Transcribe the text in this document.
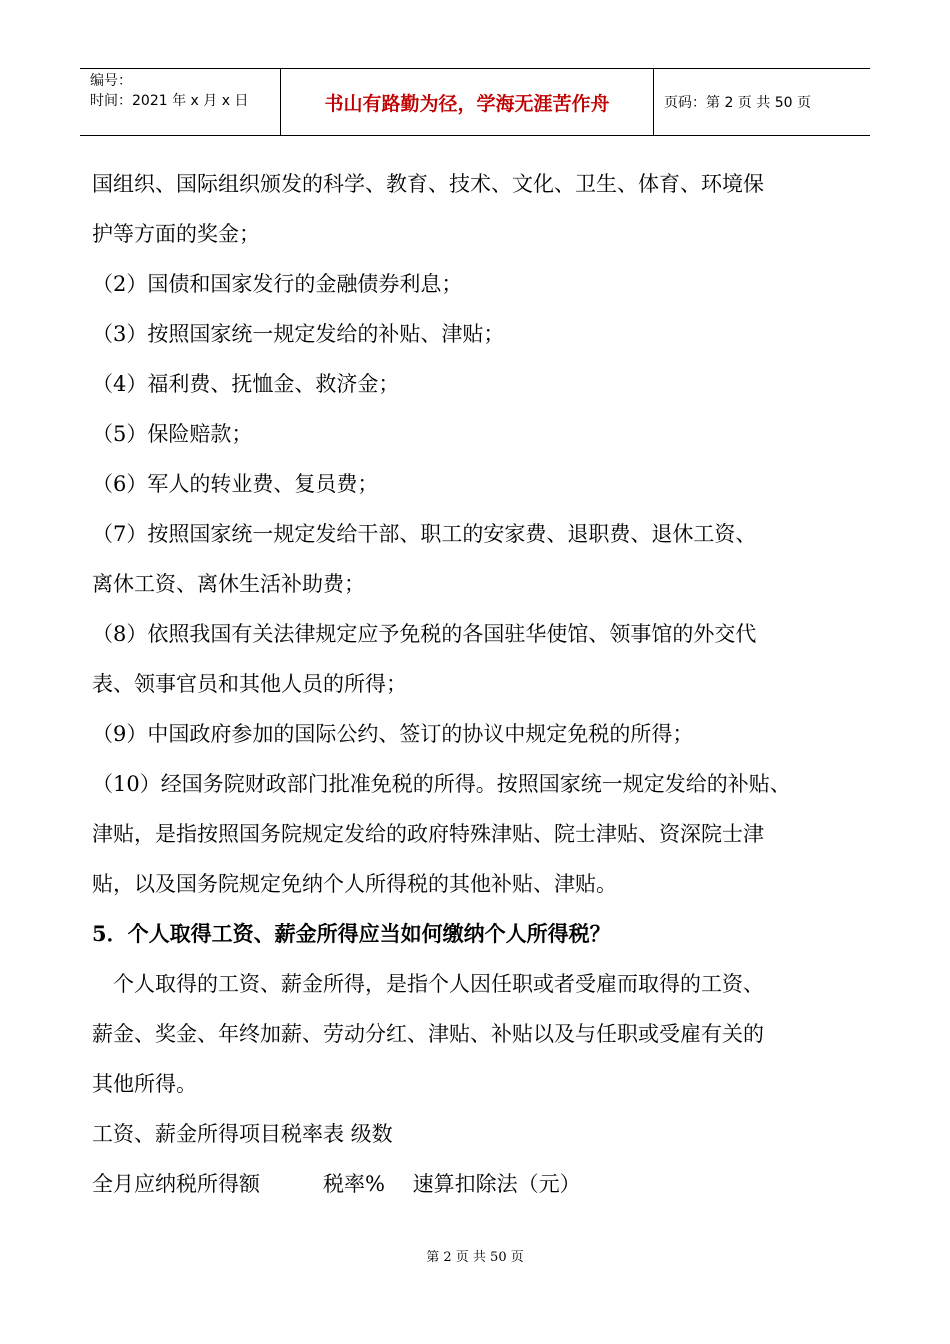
编号：
时间：2021 年 x 月 x 日	书山有路勤为径，学海无涯苦作舟	页码：第 2 页 共 50 页
国组织、国际组织颁发的科学、教育、技术、文化、卫生、体育、环境保
护等方面的奖金；
（2）国债和国家发行的金融债券利息；
（3）按照国家统一规定发给的补贴、津贴；
（4）福利费、抚恤金、救济金；
（5）保险赔款；
（6）军人的转业费、复员费；
（7）按照国家统一规定发给干部、职工的安家费、退职费、退休工资、
离休工资、离休生活补助费；
（8）依照我国有关法律规定应予免税的各国驻华使馆、领事馆的外交代
表、领事官员和其他人员的所得；
（9）中国政府参加的国际公约、签订的协议中规定免税的所得；
（10）经国务院财政部门批准免税的所得。按照国家统一规定发给的补贴、
津贴，是指按照国务院规定发给的政府特殊津贴、院士津贴、资深院士津
贴，以及国务院规定免纳个人所得税的其他补贴、津贴。
5．个人取得工资、薪金所得应当如何缴纳个人所得税？
　个人取得的工资、薪金所得，是指个人因任职或者受雇而取得的工资、
薪金、奖金、年终加薪、劳动分红、津贴、补贴以及与任职或受雇有关的
其他所得。
工资、薪金所得项目税率表 级数
全月应纳税所得额　　　税率%　 速算扣除法（元）
第 2 页 共 50 页
